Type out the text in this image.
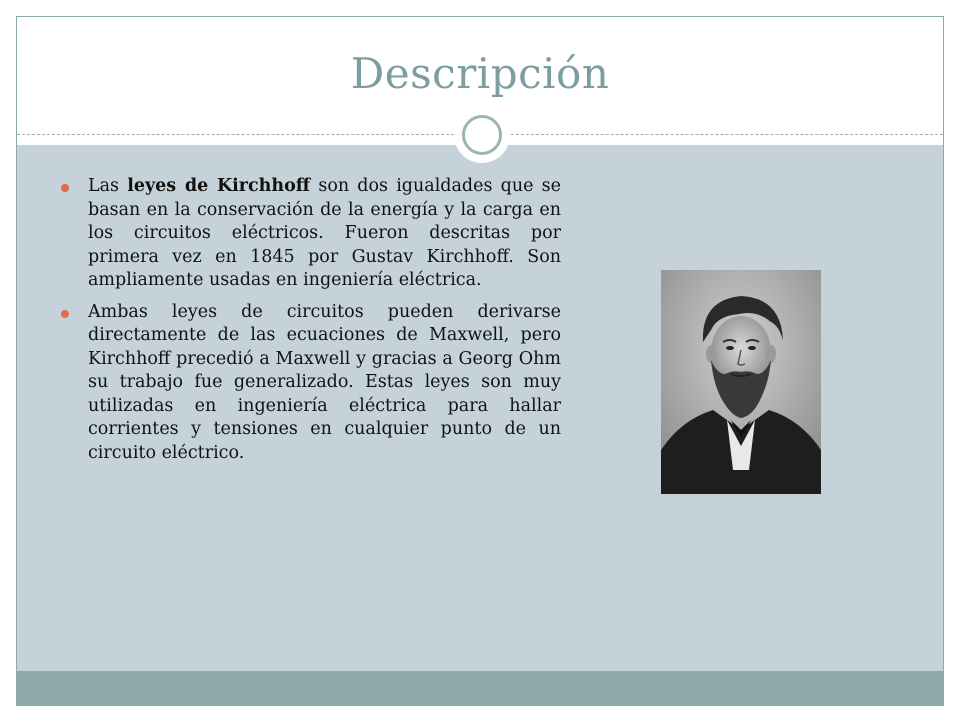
Descripción
Las leyes de Kirchhoff son dos igualdades que se basan en la conservación de la energía y la carga en los circuitos eléctricos. Fueron descritas por primera vez en 1845 por Gustav Kirchhoff. Son ampliamente usadas en ingeniería eléctrica.
Ambas leyes de circuitos pueden derivarse directamente de las ecuaciones de Maxwell, pero Kirchhoff precedió a Maxwell y gracias a Georg Ohm su trabajo fue generalizado. Estas leyes son muy utilizadas en ingeniería eléctrica para hallar corrientes y tensiones en cualquier punto de un circuito eléctrico.
